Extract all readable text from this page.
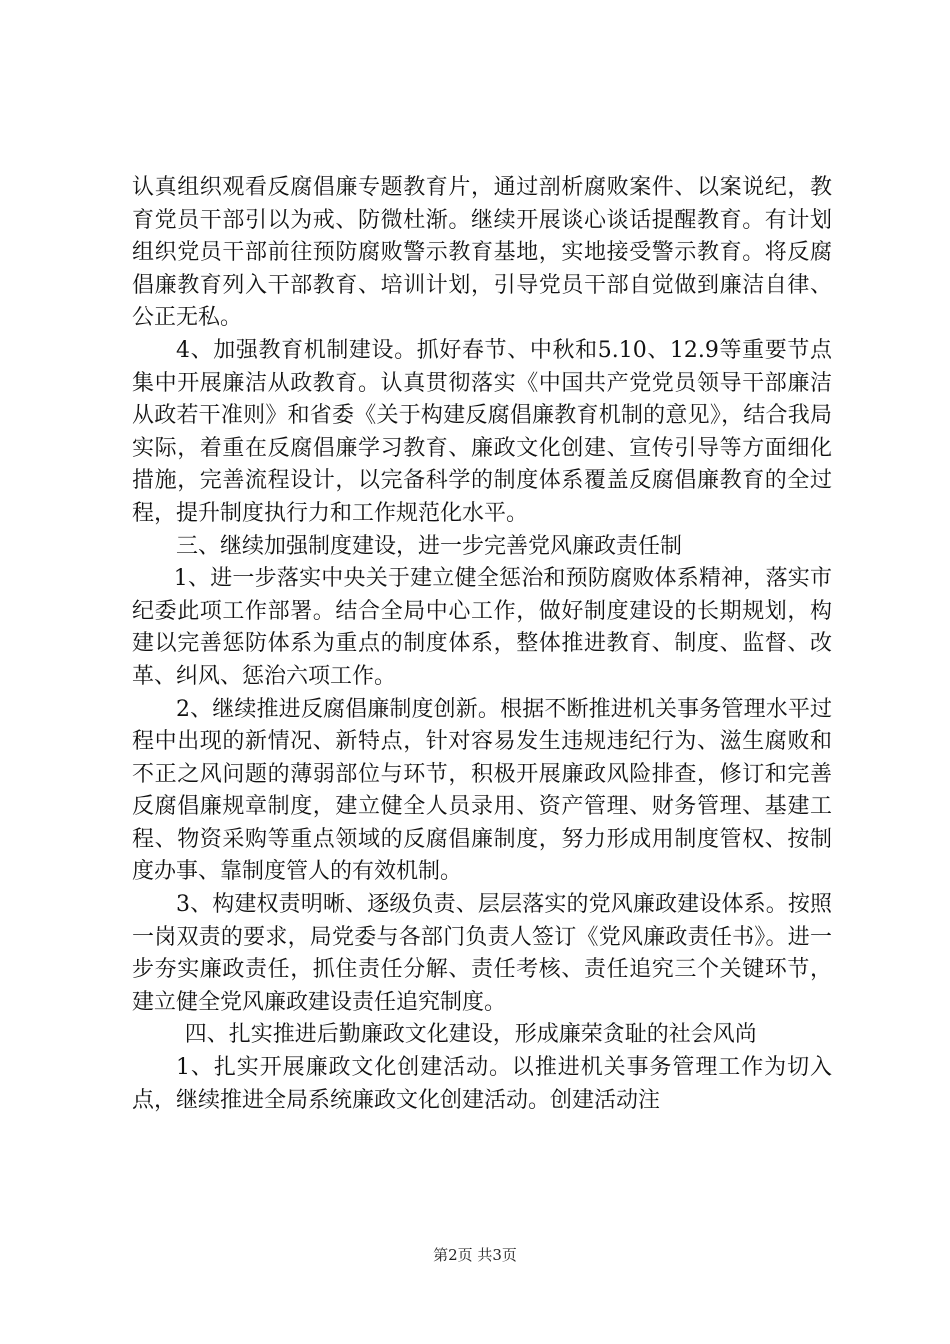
认真组织观看反腐倡廉专题教育片，通过剖析腐败案件、以案说纪，教育党员干部引以为戒、防微杜渐。继续开展谈心谈话提醒教育。有计划组织党员干部前往预防腐败警示教育基地，实地接受警示教育。将反腐倡廉教育列入干部教育、培训计划，引导党员干部自觉做到廉洁自律、公正无私。

4、加强教育机制建设。抓好春节、中秋和5.10、12.9等重要节点集中开展廉洁从政教育。认真贯彻落实《中国共产党党员领导干部廉洁从政若干准则》和省委《关于构建反腐倡廉教育机制的意见》，结合我局实际，着重在反腐倡廉学习教育、廉政文化创建、宣传引导等方面细化措施，完善流程设计，以完备科学的制度体系覆盖反腐倡廉教育的全过程，提升制度执行力和工作规范化水平。

三、继续加强制度建设，进一步完善党风廉政责任制

1、进一步落实中央关于建立健全惩治和预防腐败体系精神，落实市纪委此项工作部署。结合全局中心工作，做好制度建设的长期规划，构建以完善惩防体系为重点的制度体系，整体推进教育、制度、监督、改革、纠风、惩治六项工作。

2、继续推进反腐倡廉制度创新。根据不断推进机关事务管理水平过程中出现的新情况、新特点，针对容易发生违规违纪行为、滋生腐败和不正之风问题的薄弱部位与环节，积极开展廉政风险排查，修订和完善反腐倡廉规章制度，建立健全人员录用、资产管理、财务管理、基建工程、物资采购等重点领域的反腐倡廉制度，努力形成用制度管权、按制度办事、靠制度管人的有效机制。

3、构建权责明晰、逐级负责、层层落实的党风廉政建设体系。按照一岗双责的要求，局党委与各部门负责人签订《党风廉政责任书》。进一步夯实廉政责任，抓住责任分解、责任考核、责任追究三个关键环节，建立健全党风廉政建设责任追究制度。

四、扎实推进后勤廉政文化建设，形成廉荣贪耻的社会风尚

1、扎实开展廉政文化创建活动。以推进机关事务管理工作为切入点，继续推进全局系统廉政文化创建活动。创建活动注

第2页 共3页
